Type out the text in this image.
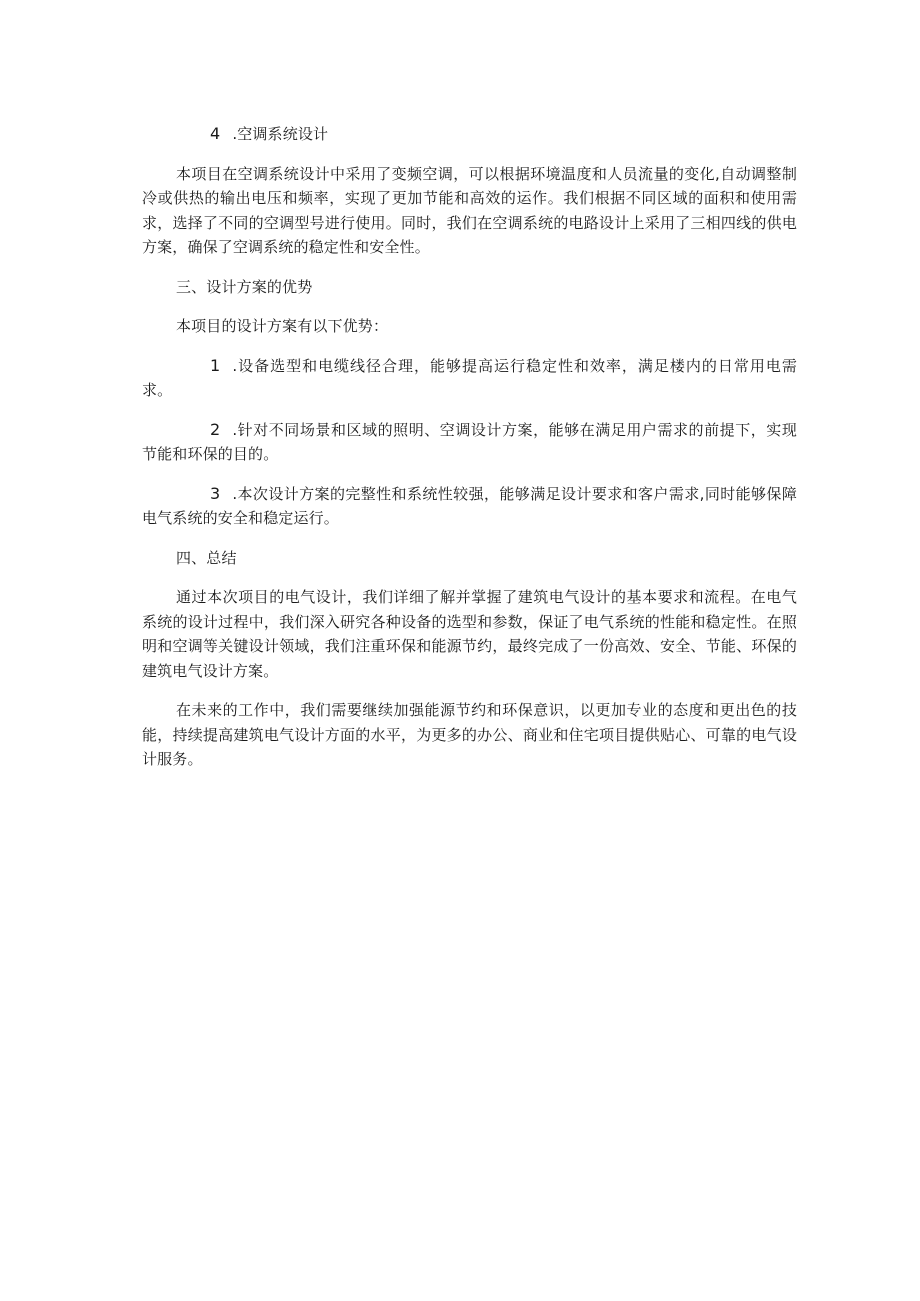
4 .空调系统设计

本项目在空调系统设计中采用了变频空调，可以根据环境温度和人员流量的变化,自动调整制冷或供热的输出电压和频率，实现了更加节能和高效的运作。我们根据不同区域的面积和使用需求，选择了不同的空调型号进行使用。同时，我们在空调系统的电路设计上采用了三相四线的供电方案，确保了空调系统的稳定性和安全性。

三、设计方案的优势

本项目的设计方案有以下优势：

1 .设备选型和电缆线径合理，能够提高运行稳定性和效率，满足楼内的日常用电需求。

2 .针对不同场景和区域的照明、空调设计方案，能够在满足用户需求的前提下，实现节能和环保的目的。

3 .本次设计方案的完整性和系统性较强，能够满足设计要求和客户需求,同时能够保障电气系统的安全和稳定运行。

四、总结

通过本次项目的电气设计，我们详细了解并掌握了建筑电气设计的基本要求和流程。在电气系统的设计过程中，我们深入研究各种设备的选型和参数，保证了电气系统的性能和稳定性。在照明和空调等关键设计领域，我们注重环保和能源节约，最终完成了一份高效、安全、节能、环保的建筑电气设计方案。

在未来的工作中，我们需要继续加强能源节约和环保意识，以更加专业的态度和更出色的技能，持续提高建筑电气设计方面的水平，为更多的办公、商业和住宅项目提供贴心、可靠的电气设计服务。
